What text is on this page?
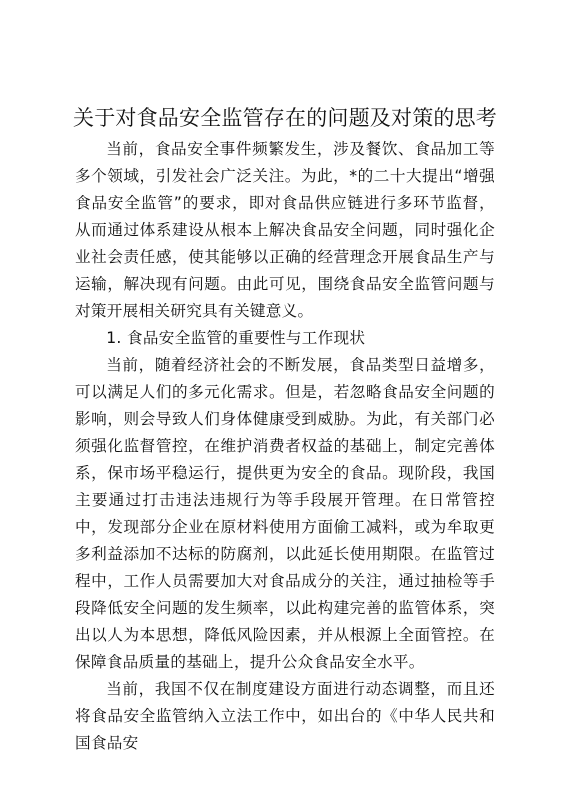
关于对食品安全监管存在的问题及对策的思考

当前，食品安全事件频繁发生，涉及餐饮、食品加工等多个领域，引发社会广泛关注。为此，*的二十大提出“增强食品安全监管”的要求，即对食品供应链进行多环节监督，从而通过体系建设从根本上解决食品安全问题，同时强化企业社会责任感，使其能够以正确的经营理念开展食品生产与运输，解决现有问题。由此可见，围绕食品安全监管问题与对策开展相关研究具有关键意义。

1. 食品安全监管的重要性与工作现状

当前，随着经济社会的不断发展，食品类型日益增多，可以满足人们的多元化需求。但是，若忽略食品安全问题的影响，则会导致人们身体健康受到威胁。为此，有关部门必须强化监督管控，在维护消费者权益的基础上，制定完善体系，保市场平稳运行，提供更为安全的食品。现阶段，我国主要通过打击违法违规行为等手段展开管理。在日常管控中，发现部分企业在原材料使用方面偷工减料，或为牟取更多利益添加不达标的防腐剂，以此延长使用期限。在监管过程中，工作人员需要加大对食品成分的关注，通过抽检等手段降低安全问题的发生频率，以此构建完善的监管体系，突出以人为本思想，降低风险因素，并从根源上全面管控。在保障食品质量的基础上，提升公众食品安全水平。

当前，我国不仅在制度建设方面进行动态调整，而且还将食品安全监管纳入立法工作中，如出台的《中华人民共和国食品安
